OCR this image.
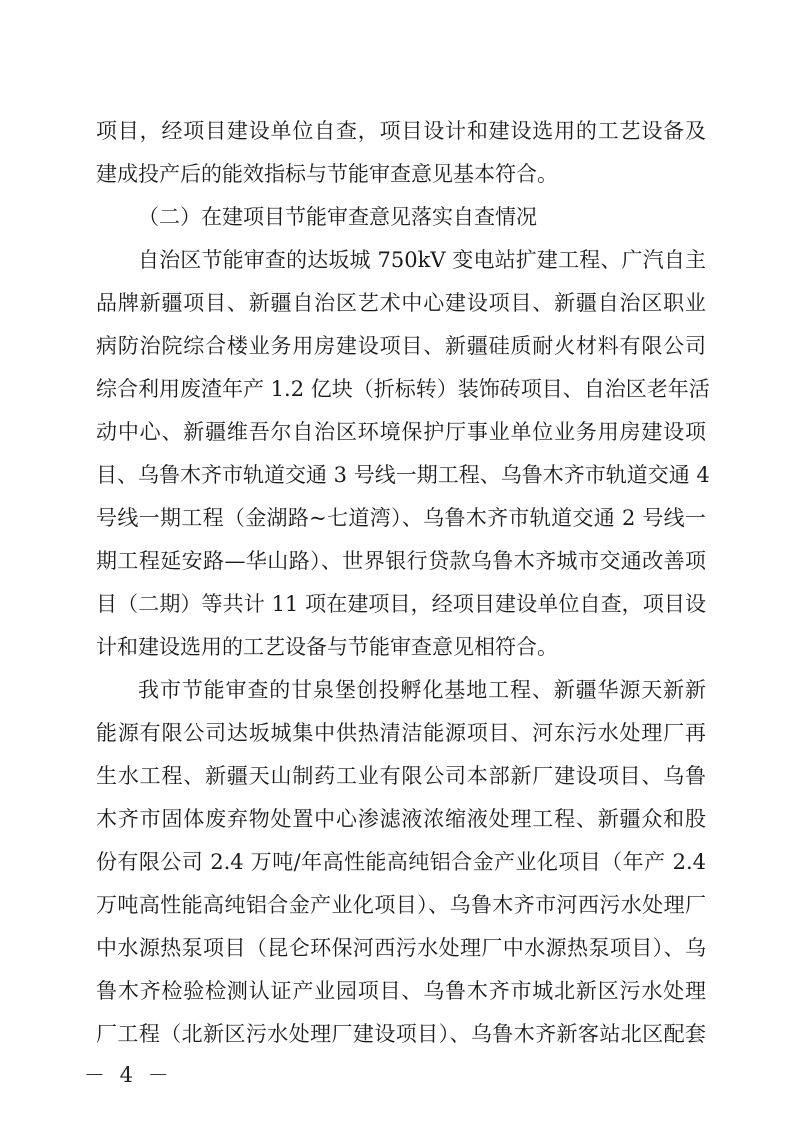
项目，经项目建设单位自查，项目设计和建设选用的工艺设备及
建成投产后的能效指标与节能审查意见基本符合。
（二）在建项目节能审查意见落实自查情况
自治区节能审查的达坂城 750kV 变电站扩建工程、广汽自主
品牌新疆项目、新疆自治区艺术中心建设项目、新疆自治区职业
病防治院综合楼业务用房建设项目、新疆硅质耐火材料有限公司
综合利用废渣年产 1.2 亿块（折标转）装饰砖项目、自治区老年活
动中心、新疆维吾尔自治区环境保护厅事业单位业务用房建设项
目、乌鲁木齐市轨道交通 3 号线一期工程、乌鲁木齐市轨道交通 4
号线一期工程（金湖路~七道湾）、乌鲁木齐市轨道交通 2 号线一
期工程延安路—华山路）、世界银行贷款乌鲁木齐城市交通改善项
目（二期）等共计 11 项在建项目，经项目建设单位自查，项目设
计和建设选用的工艺设备与节能审查意见相符合。
我市节能审查的甘泉堡创投孵化基地工程、新疆华源天新新
能源有限公司达坂城集中供热清洁能源项目、河东污水处理厂再
生水工程、新疆天山制药工业有限公司本部新厂建设项目、乌鲁
木齐市固体废弃物处置中心渗滤液浓缩液处理工程、新疆众和股
份有限公司 2.4 万吨/年高性能高纯铝合金产业化项目（年产 2.4
万吨高性能高纯铝合金产业化项目）、乌鲁木齐市河西污水处理厂
中水源热泵项目（昆仑环保河西污水处理厂中水源热泵项目）、乌
鲁木齐检验检测认证产业园项目、乌鲁木齐市城北新区污水处理
厂工程（北新区污水处理厂建设项目）、乌鲁木齐新客站北区配套
－ 4 －
